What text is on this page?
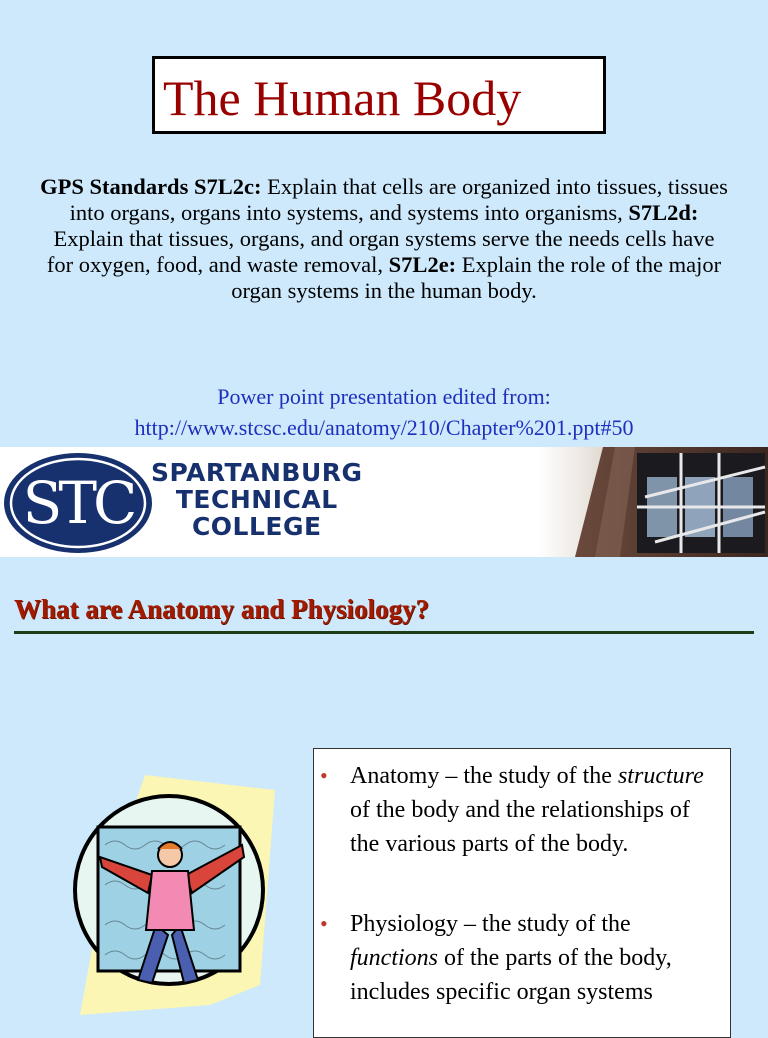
The Human Body
GPS Standards S7L2c: Explain that cells are organized into tissues, tissues into organs, organs into systems, and systems into organisms, S7L2d: Explain that tissues, organs, and organ systems serve the needs cells have for oxygen, food, and waste removal, S7L2e: Explain the role of the major organ systems in the human body.
Power point presentation edited from:
http://www.stcsc.edu/anatomy/210/Chapter%201.ppt#50
STC SPARTANBURG
TECHNICAL
COLLEGE
What are Anatomy and Physiology?
• Anatomy – the study of the structure of the body and the relationships of the various parts of the body.
• Physiology – the study of the functions of the parts of the body, includes specific organ systems
